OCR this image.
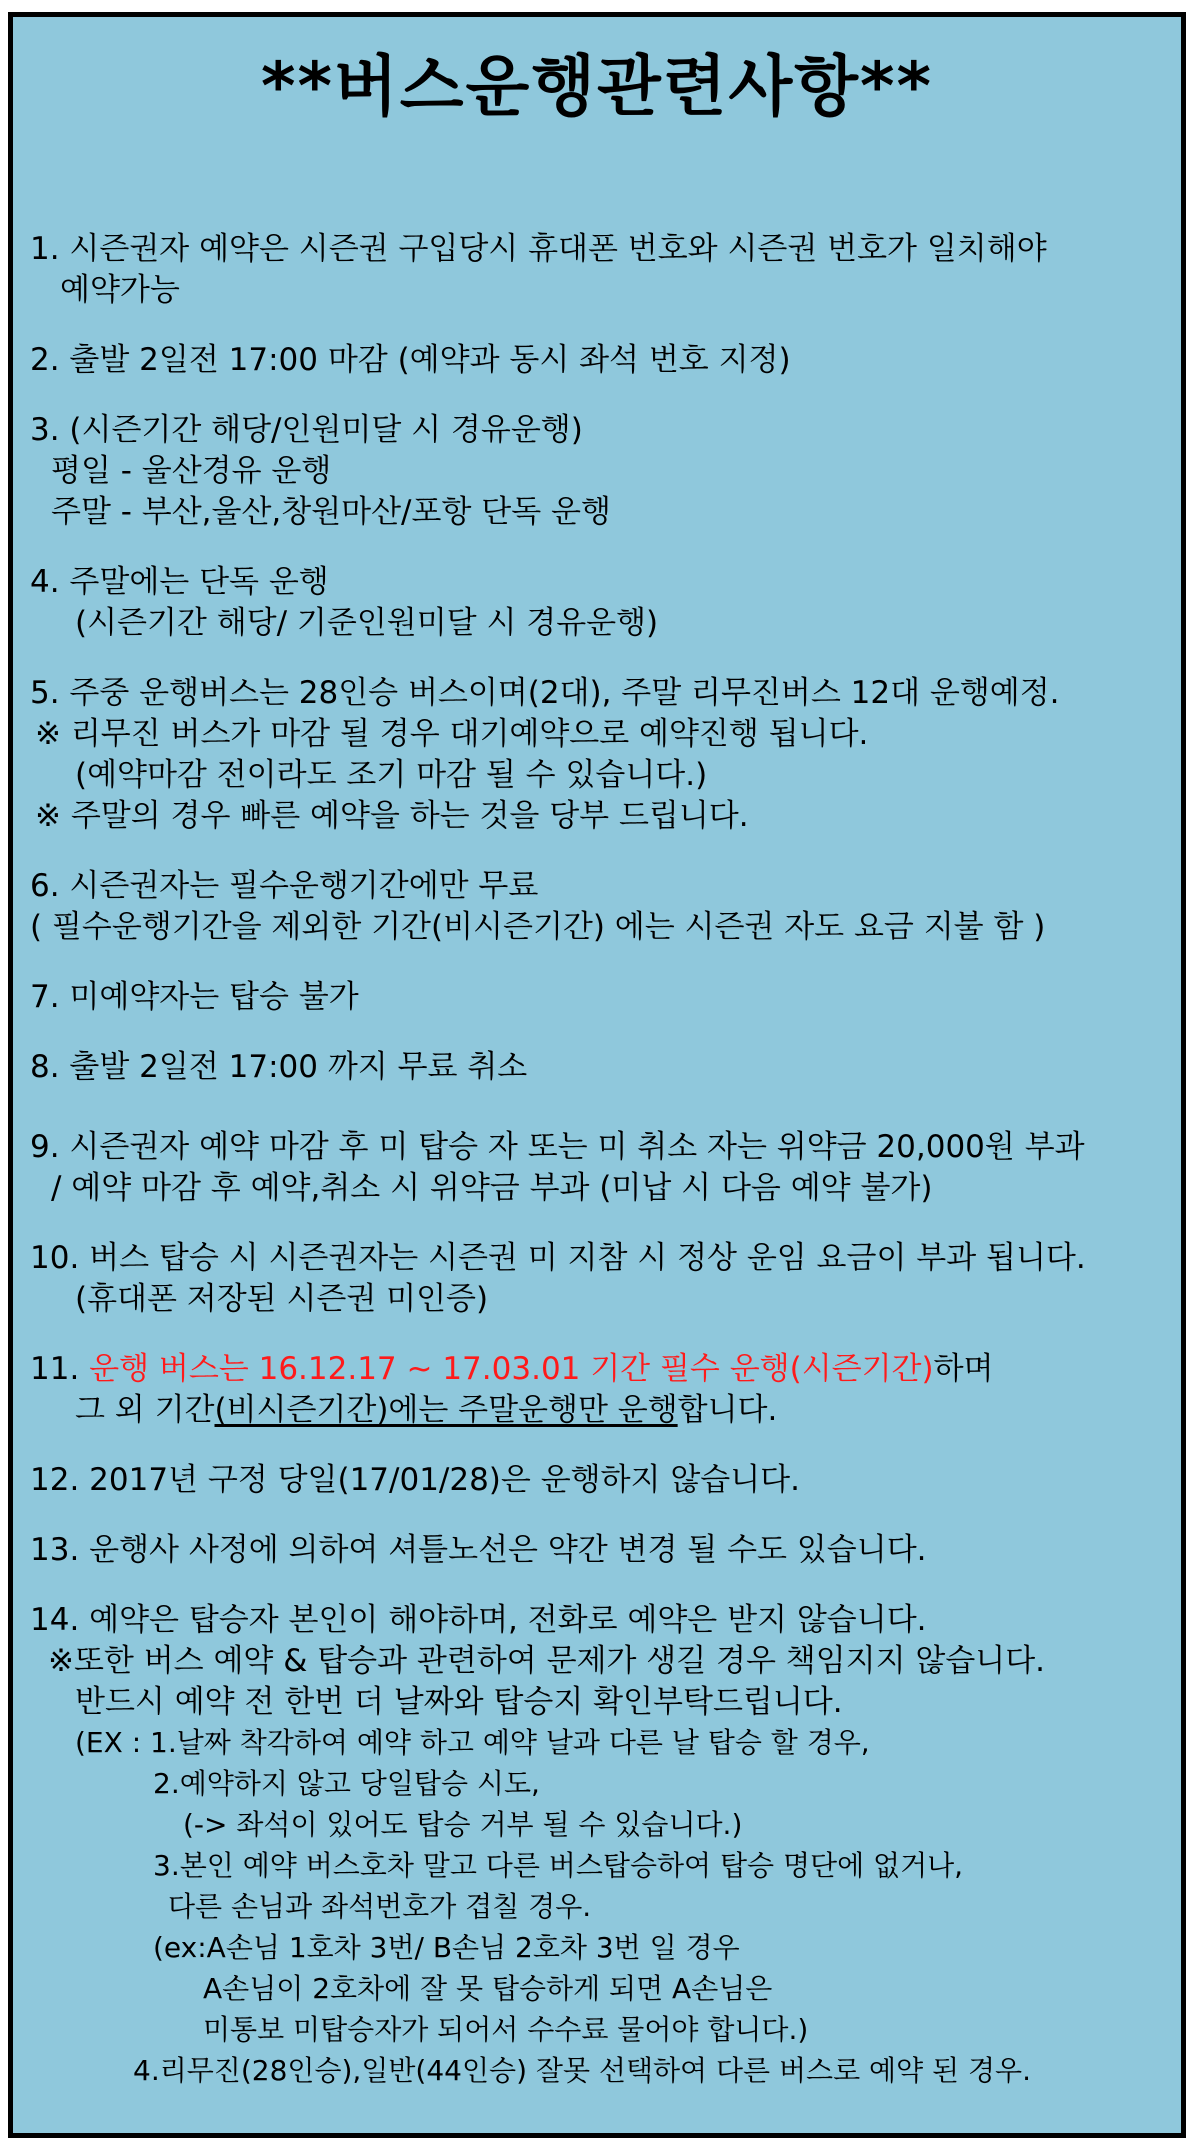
**버스운행관련사항**
1. 시즌권자 예약은 시즌권 구입당시 휴대폰 번호와 시즌권 번호가 일치해야
예약가능
2. 출발 2일전 17:00 마감 (예약과 동시 좌석 번호 지정)
3. (시즌기간 해당/인원미달 시 경유운행)
평일 - 울산경유 운행
주말 - 부산,울산,창원마산/포항 단독 운행
4. 주말에는 단독 운행
(시즌기간 해당/ 기준인원미달 시 경유운행)
5. 주중 운행버스는 28인승 버스이며(2대), 주말 리무진버스 12대 운행예정.
※ 리무진 버스가 마감 될 경우 대기예약으로 예약진행 됩니다.
(예약마감 전이라도 조기 마감 될 수 있습니다.)
※ 주말의 경우 빠른 예약을 하는 것을 당부 드립니다.
6. 시즌권자는 필수운행기간에만 무료
( 필수운행기간을 제외한 기간(비시즌기간) 에는 시즌권 자도 요금 지불 함 )
7. 미예약자는 탑승 불가
8. 출발 2일전 17:00 까지 무료 취소
9. 시즌권자 예약 마감 후 미 탑승 자 또는 미 취소 자는 위약금 20,000원 부과
/ 예약 마감 후 예약,취소 시 위약금 부과 (미납 시 다음 예약 불가)
10. 버스 탑승 시 시즌권자는 시즌권 미 지참 시 정상 운임 요금이 부과 됩니다.
(휴대폰 저장된 시즌권 미인증)
11. 운행 버스는 16.12.17 ~ 17.03.01 기간 필수 운행(시즌기간)하며
그 외 기간(비시즌기간)에는 주말운행만 운행합니다.
12. 2017년 구정 당일(17/01/28)은 운행하지 않습니다.
13. 운행사 사정에 의하여 셔틀노선은 약간 변경 될 수도 있습니다.
14. 예약은 탑승자 본인이 해야하며, 전화로 예약은 받지 않습니다.
※또한 버스 예약 & 탑승과 관련하여 문제가 생길 경우 책임지지 않습니다.
반드시 예약 전 한번 더 날짜와 탑승지 확인부탁드립니다.
(EX : 1.날짜 착각하여 예약 하고 예약 날과 다른 날 탑승 할 경우,
2.예약하지 않고 당일탑승 시도,
(-> 좌석이 있어도 탑승 거부 될 수 있습니다.)
3.본인 예약 버스호차 말고 다른 버스탑승하여 탑승 명단에 없거나,
다른 손님과 좌석번호가 겹칠 경우.
(ex:A손님 1호차 3번/ B손님 2호차 3번 일 경우
A손님이 2호차에 잘 못 탑승하게 되면 A손님은
미통보 미탑승자가 되어서 수수료 물어야 합니다.)
4.리무진(28인승),일반(44인승) 잘못 선택하여 다른 버스로 예약 된 경우.
